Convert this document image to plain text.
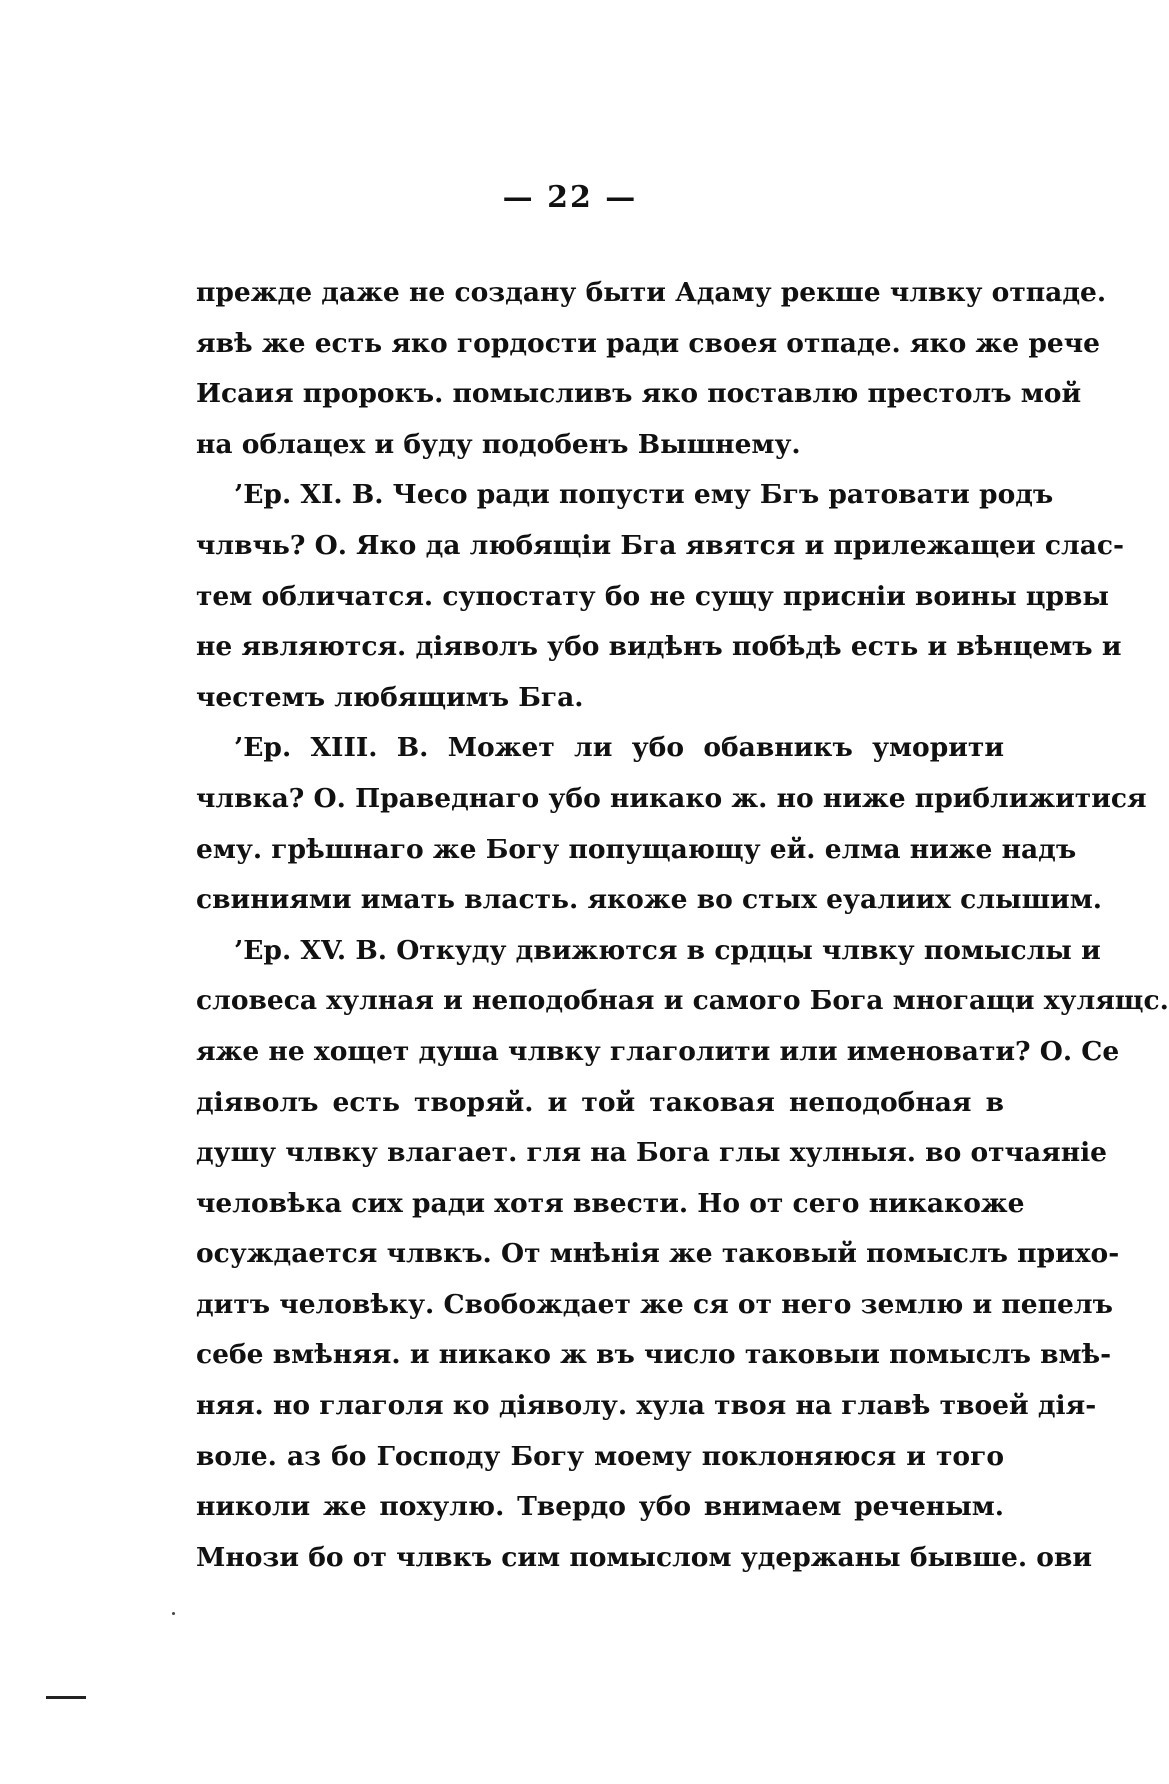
— 22 —
прежде даже не создану быти Адаму рекше члвку отпаде.
явѣ же есть яко гордости ради своея отпаде. яко же рече
Исаия пророкъ. помысливъ яко поставлю престолъ мой
на облацех и буду подобенъ Вышнему.
’Ер. XI. В. Чесо ради попусти ему Бгъ ратовати родъ
члвчь? О. Яко да любящіи Бга явятся и прилежащеи слас-
тем обличатся. супостату бо не сущу присніи воины црвы
не являются. діяволъ убо видѣнъ побѣдѣ есть и вѣнцемъ и
честемъ любящимъ Бга.
’Ер. XIII. В. Может ли убо обавникъ уморити
члвка? О. Праведнаго убо никако ж. но ниже приближитися
ему. грѣшнаго же Богу попущающу ей. елма ниже надъ
свиниями имать власть. якоже во стых еуалиих слышим.
’Ер. XV. В. Откуду движются в срдцы члвку помыслы и
словеса хулная и неподобная и самого Бога многащи хулящс.
яже не хощет душа члвку глаголити или именовати? О. Се
діяволъ есть творяй. и той таковая неподобная в
душу члвку влагает. гля на Бога глы хулныя. во отчаяніе
человѣка сих ради хотя ввести. Но от сего никакоже
осуждается члвкъ. От мнѣнія же таковый помыслъ прихо-
дитъ человѣку. Свобождает же ся от него землю и пепелъ
себе вмѣняя. и никако ж въ число таковыи помыслъ вмѣ-
няя. но глаголя ко діяволу. хула твоя на главѣ твоей дія-
воле. аз бо Господу Богу моему поклоняюся и того
николи же похулю. Твердо убо внимаем реченым.
Мнози бо от члвкъ сим помыслом удержаны бывше. ови
